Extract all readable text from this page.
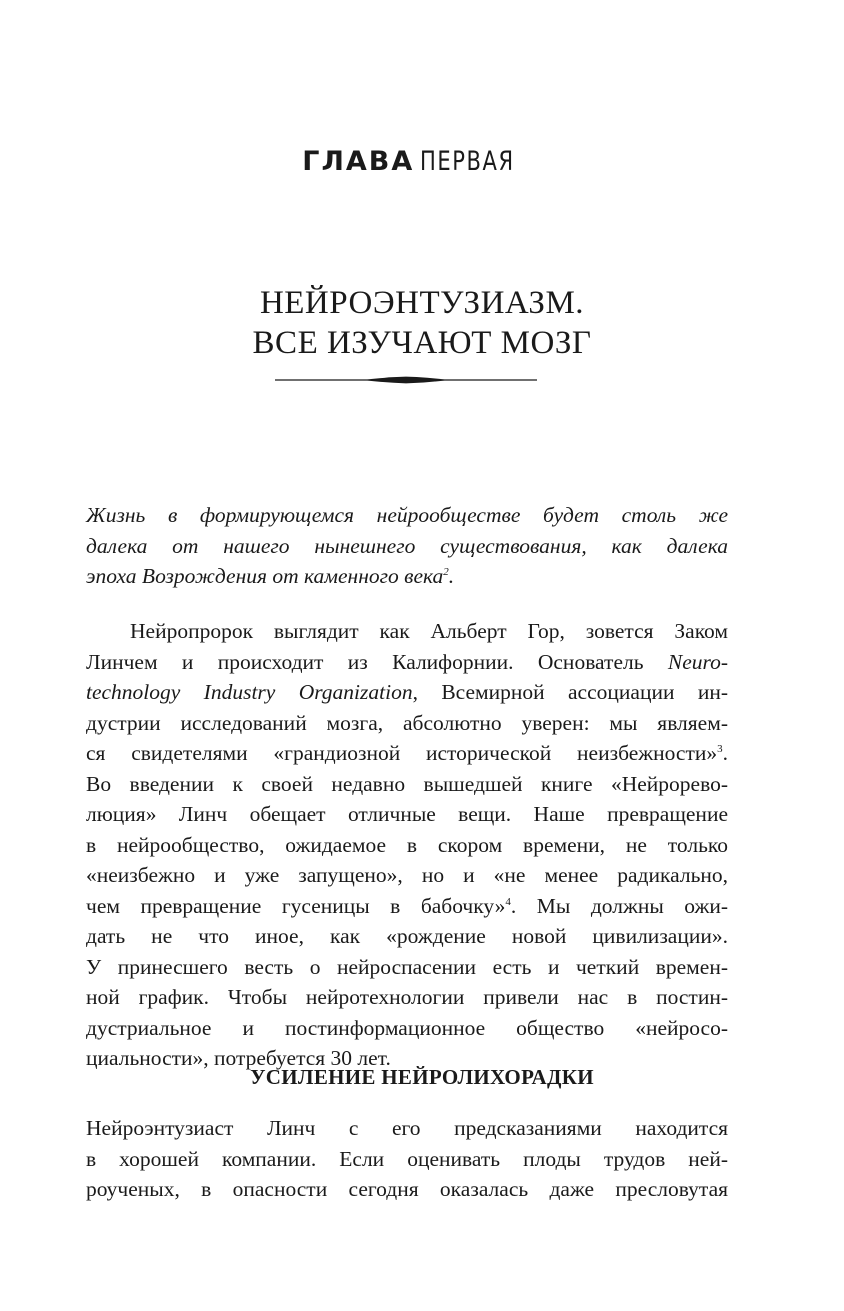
ГЛАВА ПЕРВАЯ
НЕЙРОЭНТУЗИАЗМ.
ВСЕ ИЗУЧАЮТ МОЗГ
Жизнь в формирующемся нейрообществе будет столь же
далека от нашего нынешнего существования, как далека
эпоха Возрождения от каменного века$^2$.
Нейропророк выглядит как Альберт Гор, зовется Заком
Линчем и происходит из Калифорнии. Основатель Neuro-
technology Industry Organization, Всемирной ассоциации ин-
дустрии исследований мозга, абсолютно уверен: мы являем-
ся свидетелями «грандиозной исторической неизбежности»$^3$.
Во введении к своей недавно вышедшей книге «Нейрорево-
люция» Линч обещает отличные вещи. Наше превращение
в нейрообщество, ожидаемое в скором времени, не только
«неизбежно и уже запущено», но и «не менее радикально,
чем превращение гусеницы в бабочку»$^4$. Мы должны ожи-
дать не что иное, как «рождение новой цивилизации».
У принесшего весть о нейроспасении есть и четкий времен-
ной график. Чтобы нейротехнологии привели нас в постин-
дустриальное и постинформационное общество «нейросо-
циальности», потребуется 30 лет.
УСИЛЕНИЕ НЕЙРОЛИХОРАДКИ
Нейроэнтузиаст Линч с его предсказаниями находится
в хорошей компании. Если оценивать плоды трудов ней-
роученых, в опасности сегодня оказалась даже пресловутая
